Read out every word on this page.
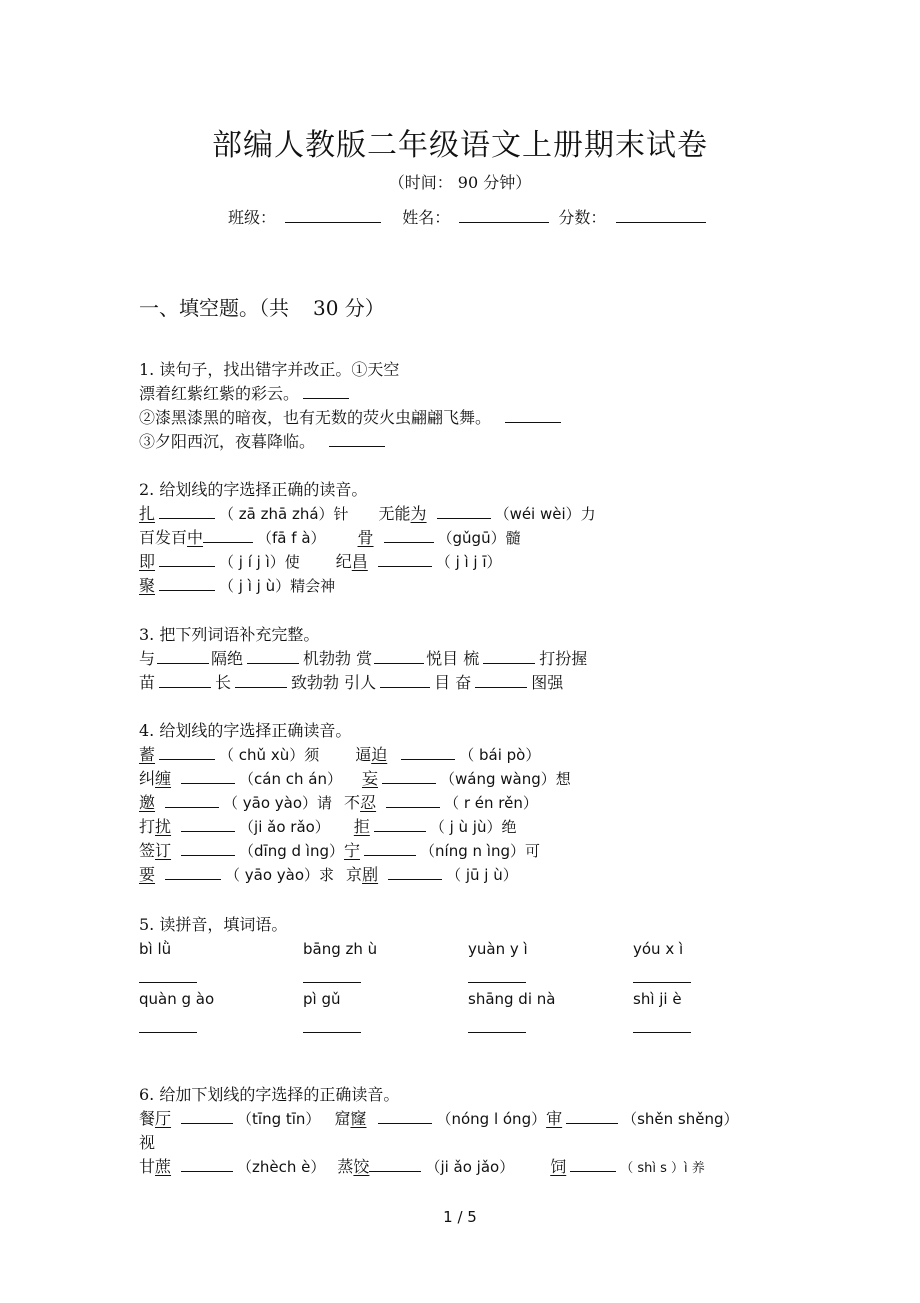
部编人教版二年级语文上册期末试卷
（时间： 90 分钟）
班级：	姓名：	分数：
一、填空题。（共 30 分）
1. 读句子，找出错字并改正。①天空
漂着红紫红紫的彩云。
②漆黑漆黑的暗夜，也有无数的荧火虫翩翩飞舞。
③夕阳西沉，夜暮降临。
2. 给划线的字选择正确的读音。
扎	（ zā zhā zhá）针 无能为	（wéi wèi）力
百发百中	（fā f à） 骨	（gǔgū）髓
即	（ j í j ì）使 纪昌	（ j ì j ī）
聚	（ j ì j ù）精会神
3. 把下列词语补充完整。
与	隔绝	机勃勃 赏	悦目 梳	打扮握
苗	长	致勃勃 引人	目 奋	图强
4. 给划线的字选择正确读音。
蓄	（ chǔ xù）须 逼迫	（ bái pò）
纠缠	（cán ch án） 妄	（wáng wàng）想
邀	（ yāo yào）请 不忍	（ r én rěn）
打扰	（ji ǎo rǎo） 拒	（ j ù jù）绝
签订	（dīng d ìng）宁	（níng n ìng）可
要	（ yāo yào）求 京剧	（ jū j ù）
5. 读拼音，填词语。
bì lǜ	bāng zh ù	yuàn y ì	yóu x ì
quàn g ào	pì gǔ	shāng di nà	shì ji è
6. 给加下划线的字选择的正确读音。
餐厅	（tīng tīn） 窟窿	（nóng l óng）审	（shěn shěng）
视
甘蔗	（zhèch è） 蒸饺	（ji ǎo jǎo） 饲	（ shì s ）ì 养
1 / 5
